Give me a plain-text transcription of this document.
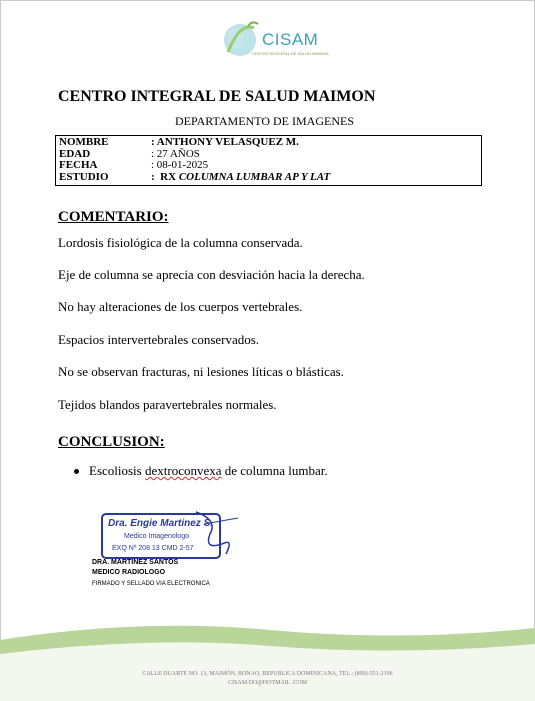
CISAM
CENTRO INTEGRAL DE SALUD MAIMON
CENTRO INTEGRAL DE SALUD MAIMON
DEPARTAMENTO DE IMAGENES
NOMBRE	: ANTHONY VELASQUEZ M.
EDAD	: 27 AÑOS
FECHA	: 08-01-2025
ESTUDIO	:  RX COLUMNA LUMBAR AP Y LAT
COMENTARIO:
Lordosis fisiológica de la columna conservada.
Eje de columna se aprecia con desviación hacia la derecha.
No hay alteraciones de los cuerpos vertebrales.
Espacios intervertebrales conservados.
No se observan fracturas, ni lesiones líticas o blásticas.
Tejidos blandos paravertebrales normales.
CONCLUSION:
Escoliosis dextroconvexa de columna lumbar.
Dra. Engie Martinez S.
Medico Imagenologo
EXQ Nº 208 13 CMD 2-57
DRA. MARTINEZ SANTOS
MEDICO RADIOLOGO
FIRMADO Y SELLADO VIA ELECTRONICA
CALLE DUARTE NO. 13, MAIMÓN, BONAO, REPUBLICA DOMINICANA, TEL.: (809)-551-2196
CISAM.DO@HOTMAIL .COM
